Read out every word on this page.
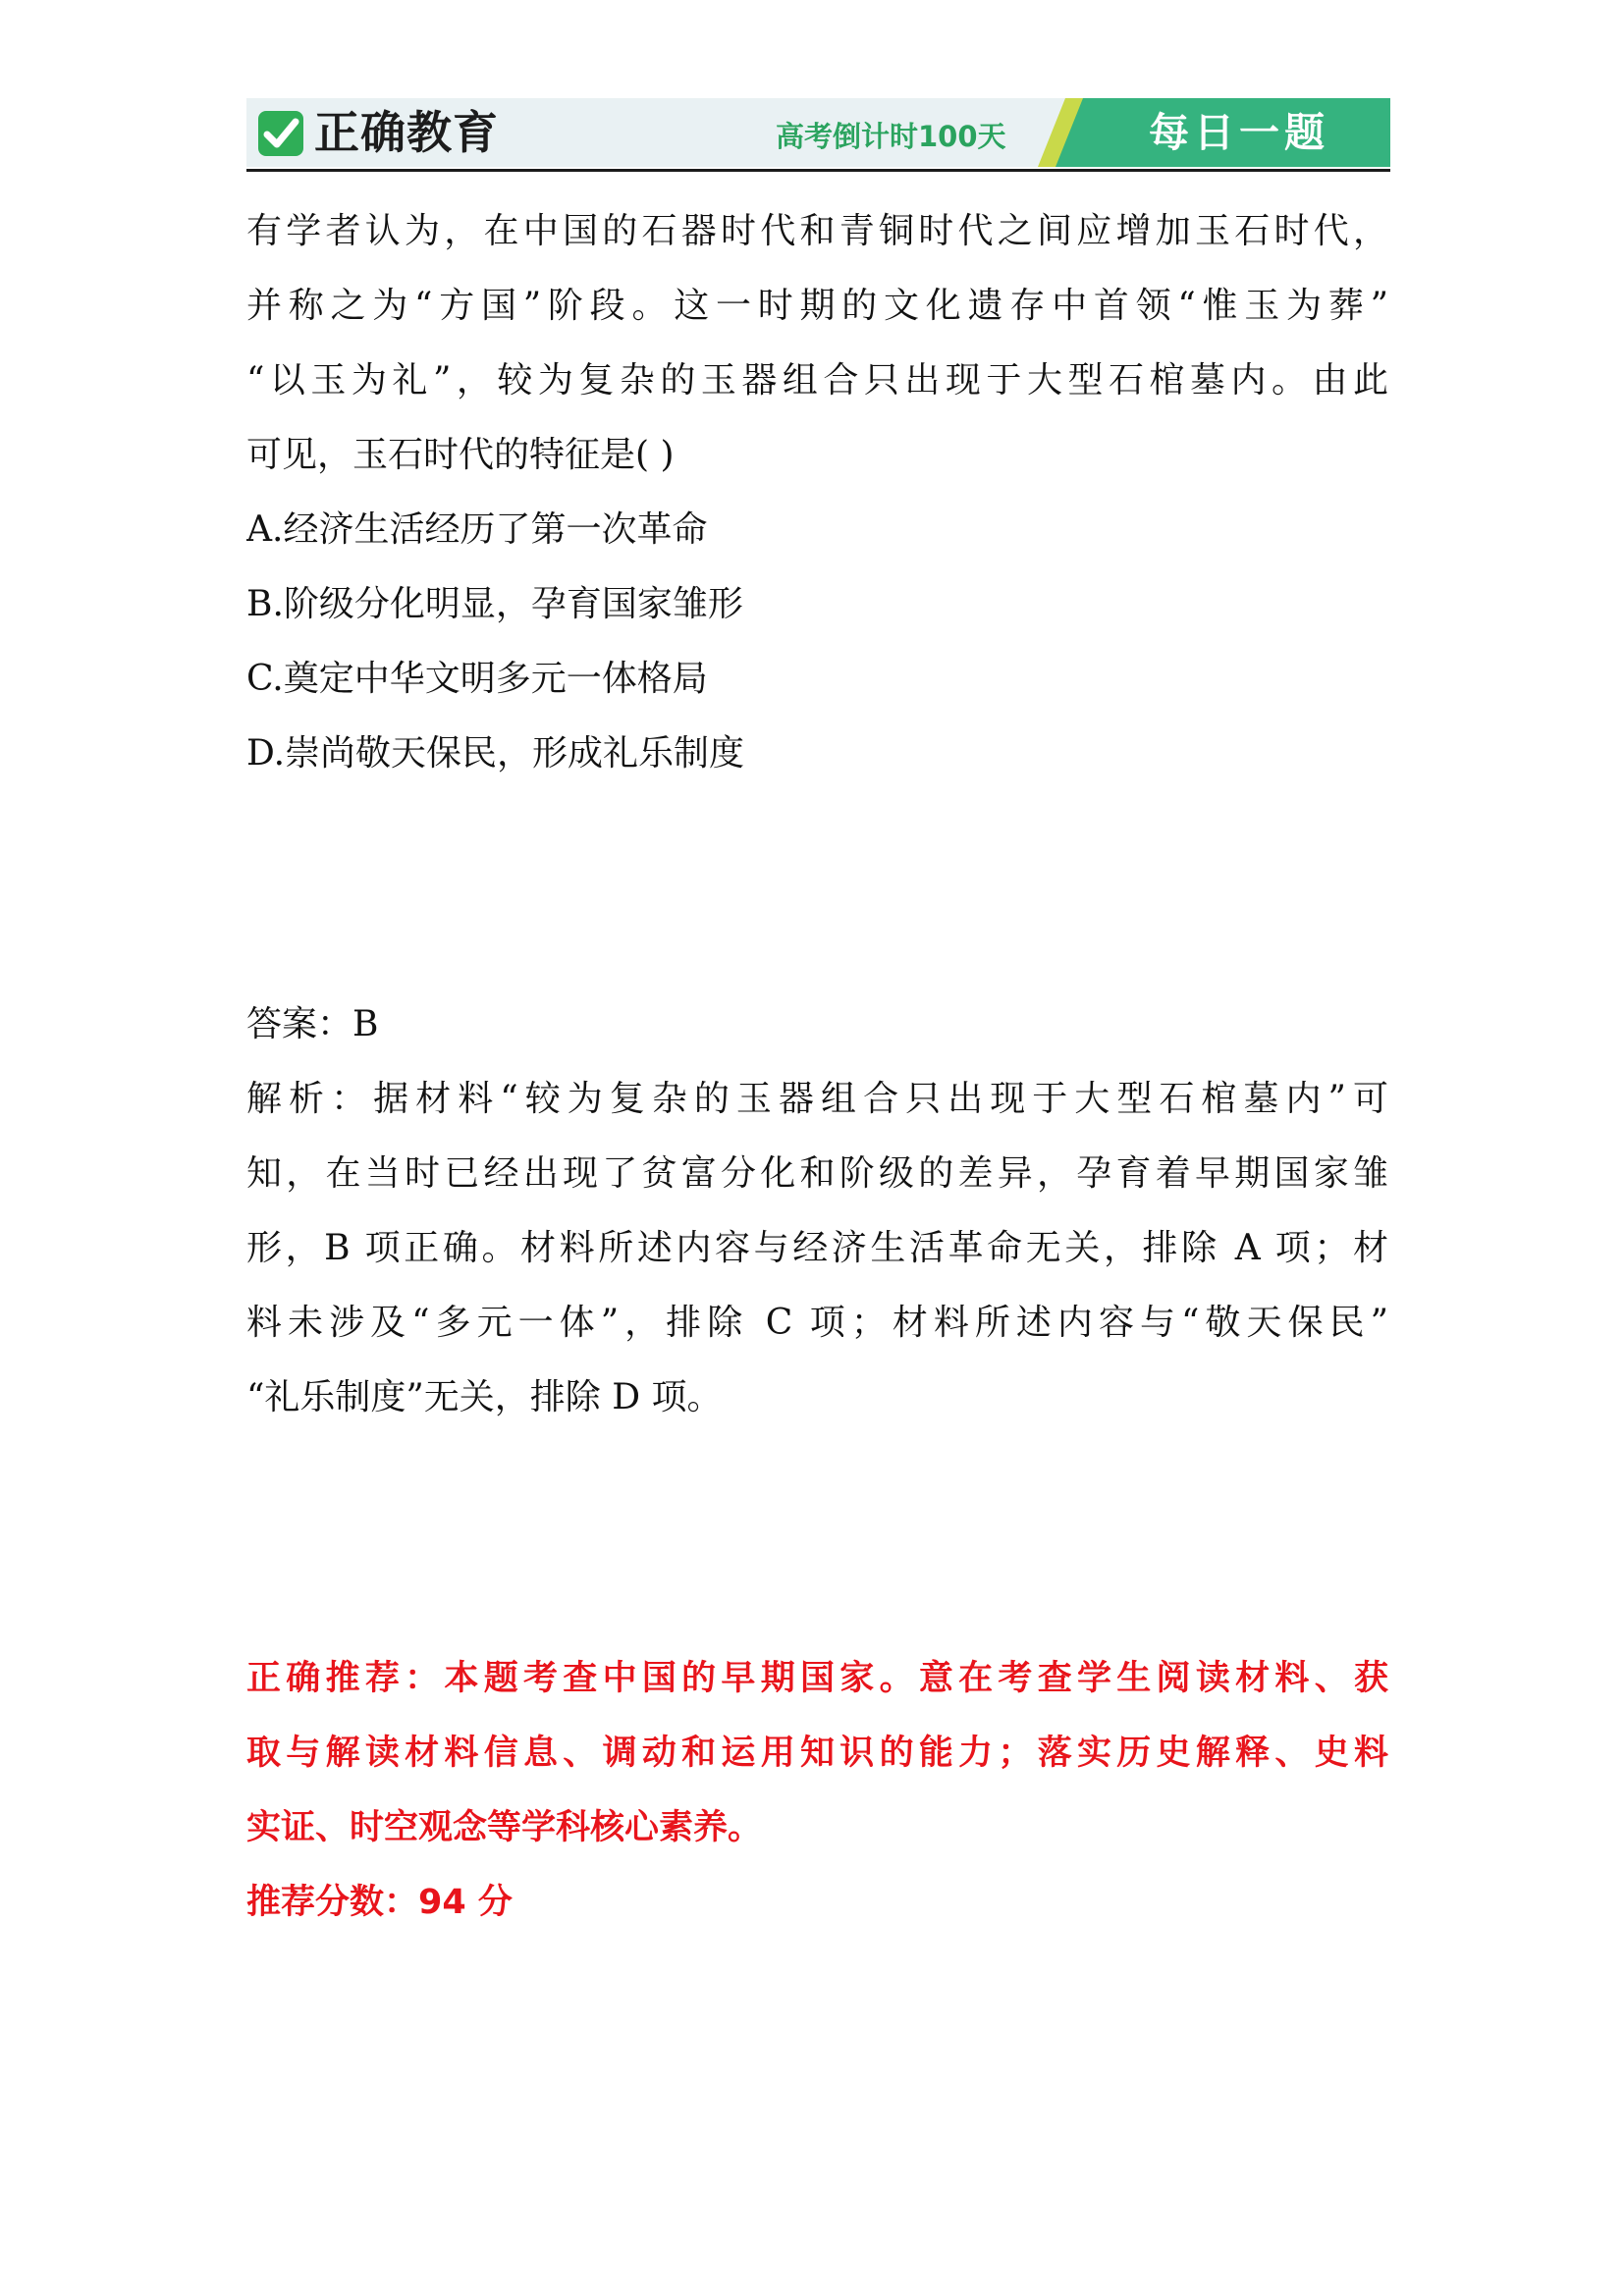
正确教育	高考倒计时100天	每日一题
有学者认为，在中国的石器时代和青铜时代之间应增加玉石时代，
并称之为“方国”阶段。这一时期的文化遗存中首领“惟玉为葬”
“以玉为礼”，较为复杂的玉器组合只出现于大型石棺墓内。由此
可见，玉石时代的特征是( )
A.经济生活经历了第一次革命
B.阶级分化明显，孕育国家雏形
C.奠定中华文明多元一体格局
D.崇尚敬天保民，形成礼乐制度
答案：B
解析：据材料“较为复杂的玉器组合只出现于大型石棺墓内”可
知，在当时已经出现了贫富分化和阶级的差异，孕育着早期国家雏
形，B 项正确。材料所述内容与经济生活革命无关，排除 A 项；材
料未涉及“多元一体”，排除 C 项；材料所述内容与“敬天保民”
“礼乐制度”无关，排除 D 项。
正确推荐：本题考查中国的早期国家。意在考查学生阅读材料、获
取与解读材料信息、调动和运用知识的能力；落实历史解释、史料
实证、时空观念等学科核心素养。
推荐分数：94 分
